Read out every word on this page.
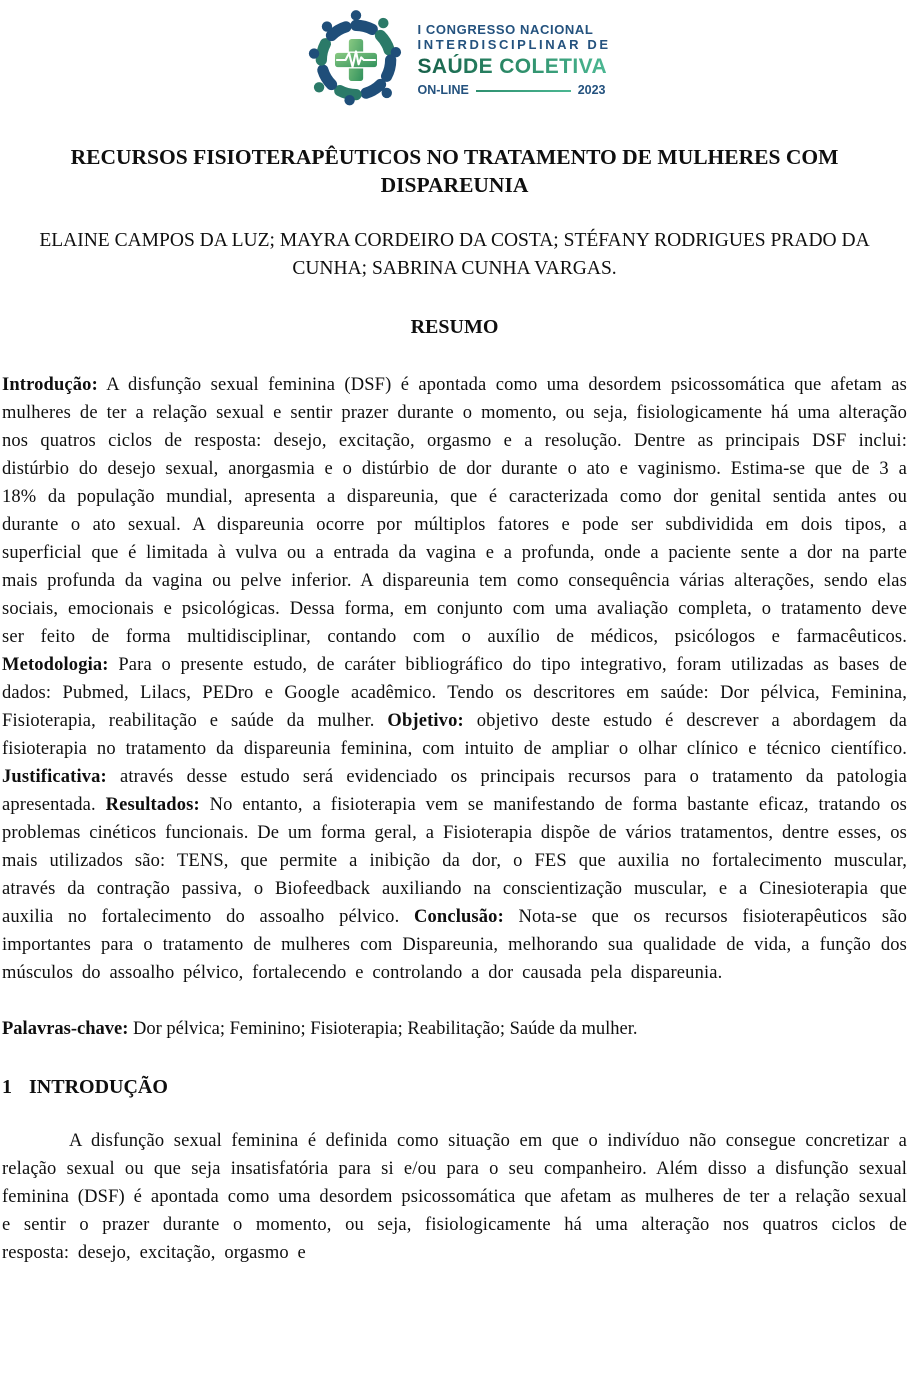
I CONGRESSO NACIONAL
INTERDISCIPLINAR DE
SAÚDE COLETIVA
ON-LINE	2023
RECURSOS FISIOTERAPÊUTICOS NO TRATAMENTO DE MULHERES COM DISPAREUNIA

ELAINE CAMPOS DA LUZ; MAYRA CORDEIRO DA COSTA; STÉFANY RODRIGUES PRADO DA CUNHA; SABRINA CUNHA VARGAS.

RESUMO

Introdução: A disfunção sexual feminina (DSF) é apontada como uma desordem psicossomática que afetam as mulheres de ter a relação sexual e sentir prazer durante o momento, ou seja, fisiologicamente há uma alteração nos quatros ciclos de resposta: desejo, excitação, orgasmo e a resolução. Dentre as principais DSF inclui: distúrbio do desejo sexual, anorgasmia e o distúrbio de dor durante o ato e vaginismo. Estima-se que de 3 a 18% da população mundial, apresenta a dispareunia, que é caracterizada como dor genital sentida antes ou durante o ato sexual. A dispareunia ocorre por múltiplos fatores e pode ser subdividida em dois tipos, a superficial que é limitada à vulva ou a entrada da vagina e a profunda, onde a paciente sente a dor na parte mais profunda da vagina ou pelve inferior. A dispareunia tem como consequência várias alterações, sendo elas sociais, emocionais e psicológicas. Dessa forma, em conjunto com uma avaliação completa, o tratamento deve ser feito de forma multidisciplinar, contando com o auxílio de médicos, psicólogos e farmacêuticos. Metodologia: Para o presente estudo, de caráter bibliográfico do tipo integrativo, foram utilizadas as bases de dados: Pubmed, Lilacs, PEDro e Google acadêmico. Tendo os descritores em saúde: Dor pélvica, Feminina, Fisioterapia, reabilitação e saúde da mulher. Objetivo: objetivo deste estudo é descrever a abordagem da fisioterapia no tratamento da dispareunia feminina, com intuito de ampliar o olhar clínico e técnico científico. Justificativa: através desse estudo será evidenciado os principais recursos para o tratamento da patologia apresentada. Resultados: No entanto, a fisioterapia vem se manifestando de forma bastante eficaz, tratando os problemas cinéticos funcionais. De um forma geral, a Fisioterapia dispõe de vários tratamentos, dentre esses, os mais utilizados são: TENS, que permite a inibição da dor, o FES que auxilia no fortalecimento muscular, através da contração passiva, o Biofeedback auxiliando na conscientização muscular, e a Cinesioterapia que auxilia no fortalecimento do assoalho pélvico. Conclusão: Nota-se que os recursos fisioterapêuticos são importantes para o tratamento de mulheres com Dispareunia, melhorando sua qualidade de vida, a função dos músculos do assoalho pélvico, fortalecendo e controlando a dor causada pela dispareunia.

Palavras-chave: Dor pélvica; Feminino; Fisioterapia; Reabilitação; Saúde da mulher.

1 INTRODUÇÃO

A disfunção sexual feminina é definida como situação em que o indivíduo não consegue concretizar a relação sexual ou que seja insatisfatória para si e/ou para o seu companheiro. Além disso a disfunção sexual feminina (DSF) é apontada como uma desordem psicossomática que afetam as mulheres de ter a relação sexual e sentir o prazer durante o momento, ou seja, fisiologicamente há uma alteração nos quatros ciclos de resposta: desejo, excitação, orgasmo e
